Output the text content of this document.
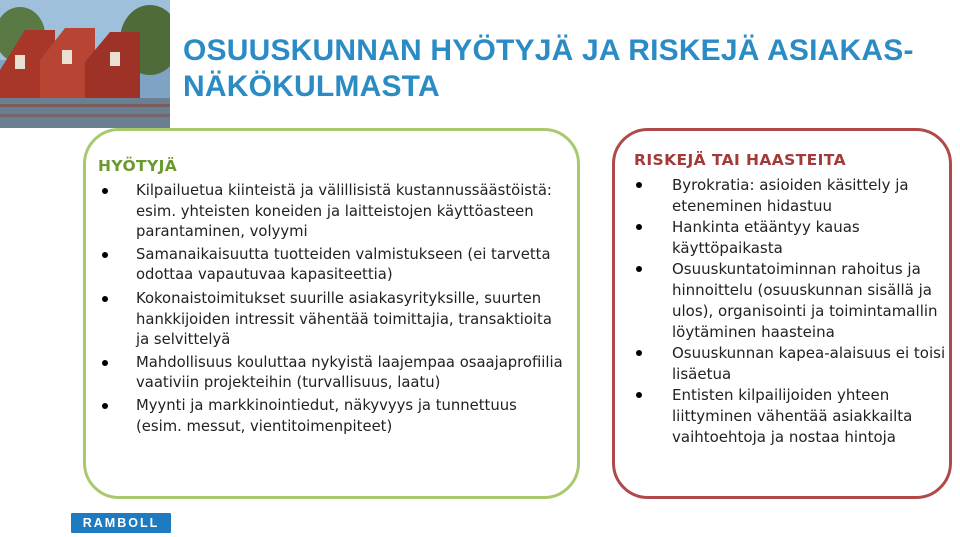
OSUUSKUNNAN HYÖTYJÄ JA RISKEJÄ ASIAKAS-NÄKÖKULMASTA
HYÖTYJÄ
Kilpailuetua kiinteistä ja välillisistä kustannussäästöistä: esim. yhteisten koneiden ja laitteistojen käyttöasteen parantaminen, volyymi
Samanaikaisuutta tuotteiden valmistukseen (ei tarvetta odottaa vapautuvaa kapasiteettia)
Kokonaistoimitukset suurille asiakasyrityksille, suurten hankkijoiden intressit vähentää toimittajia, transaktioita ja selvittelyä
Mahdollisuus kouluttaa nykyistä laajempaa osaajaprofiilia vaativiin projekteihin (turvallisuus, laatu)
Myynti ja markkinointiedut, näkyvyys ja tunnettuus (esim. messut, vientitoimenpiteet)
RISKEJÄ TAI HAASTEITA
Byrokratia: asioiden käsittely ja eteneminen hidastuu
Hankinta etääntyy kauas käyttöpaikasta
Osuuskuntatoiminnan rahoitus ja hinnoittelu (osuuskunnan sisällä ja ulos), organisointi ja toimintamallin löytäminen haasteina
Osuuskunnan kapea-alaisuus ei toisi lisäetua
Entisten kilpailijoiden yhteen liittyminen vähentää asiakkailta vaihtoehtoja ja nostaa hintoja
RAMBOLL
